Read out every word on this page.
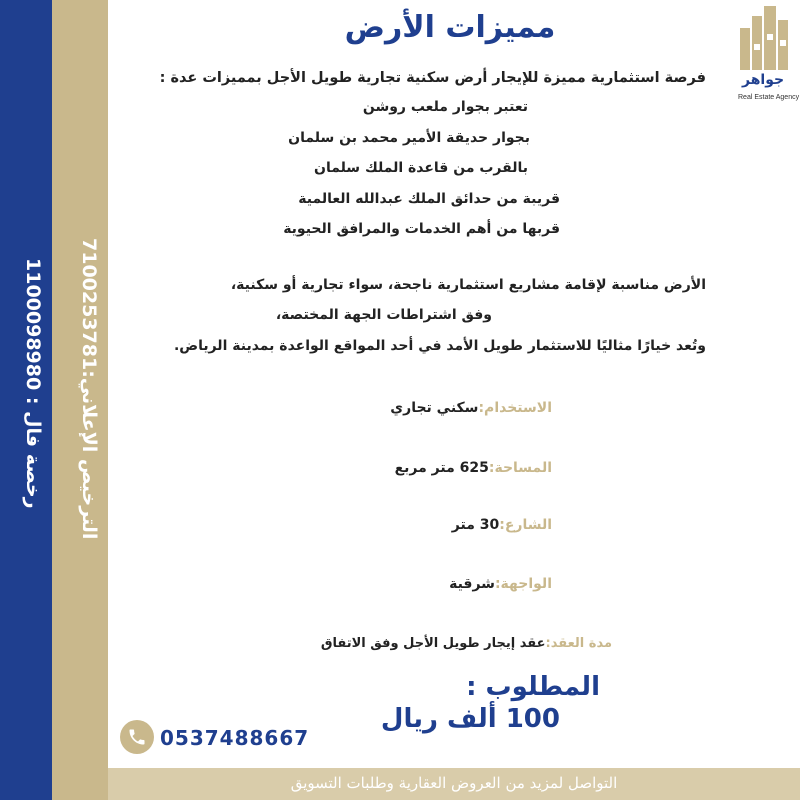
رخصة فال : 1100098980
الترخيص الإعلاني:7100253781
جواهر
Real Estate Agency
مميزات الأرض
فرصة استثمارية مميزة للإيجار أرض سكنية تجارية طويل الأجل بمميزات عدة :
تعتبر بجوار ملعب روشن
بجوار حديقة الأمير محمد بن سلمان
بالقرب من قاعدة الملك سلمان
قريبة من حدائق الملك عبدالله العالمية
قربها من أهم الخدمات والمرافق الحيوية
الأرض مناسبة لإقامة مشاريع استثمارية ناجحة، سواء تجارية أو سكنية،
وفق اشتراطات الجهة المختصة،
وتُعد خيارًا مثاليًا للاستثمار طويل الأمد في أحد المواقع الواعدة بمدينة الرياض.
الاستخدام:سكني تجاري
المساحة:625 متر مربع
الشارع:30 متر
الواجهة:شرقية
مدة العقد:عقد إيجار طويل الأجل وفق الاتفاق
المطلوب :
100 ألف ريال
0537488667
التواصل لمزيد من العروض العقارية وطلبات التسويق
